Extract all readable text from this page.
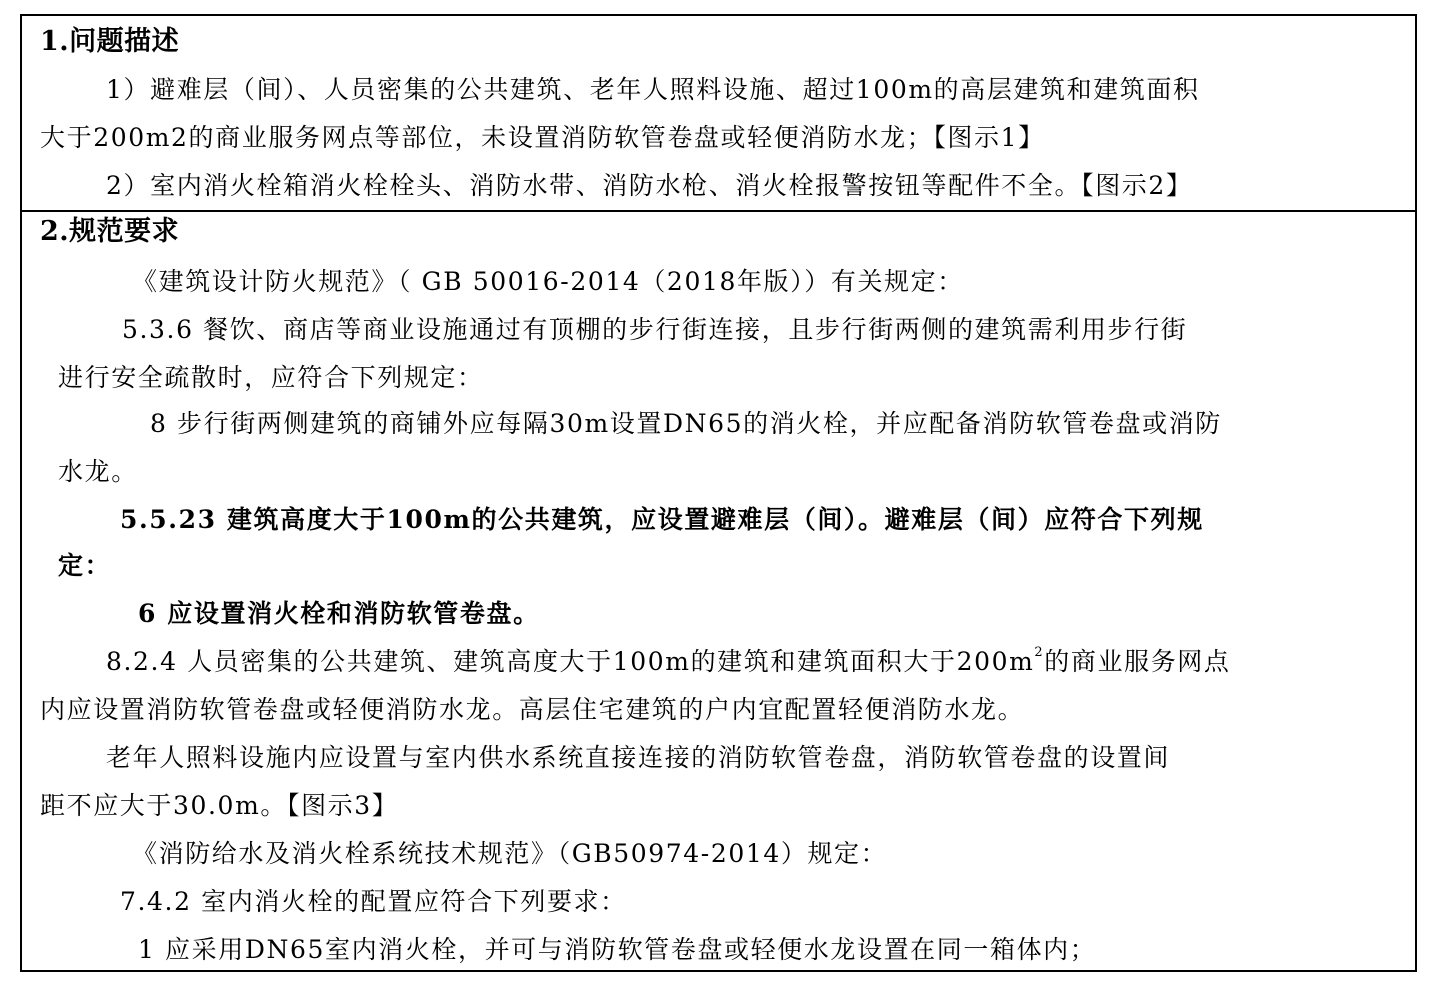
1.问题描述
1）避难层（间）、人员密集的公共建筑、老年人照料设施、超过100m的高层建筑和建筑面积
大于200m2的商业服务网点等部位，未设置消防软管卷盘或轻便消防水龙；【图示1】
2）室内消火栓箱消火栓栓头、消防水带、消防水枪、消火栓报警按钮等配件不全。【图示2】
2.规范要求
《建筑设计防火规范》（ GB 50016-2014（2018年版））有关规定：
5.3.6 餐饮、商店等商业设施通过有顶棚的步行街连接，且步行街两侧的建筑需利用步行街
进行安全疏散时，应符合下列规定：
8 步行街两侧建筑的商铺外应每隔30m设置DN65的消火栓，并应配备消防软管卷盘或消防
水龙。
5.5.23 建筑高度大于100m的公共建筑，应设置避难层（间）。避难层（间）应符合下列规
定：
6 应设置消火栓和消防软管卷盘。
8.2.4 人员密集的公共建筑、建筑高度大于100m的建筑和建筑面积大于$200m^2$的商业服务网点
内应设置消防软管卷盘或轻便消防水龙。高层住宅建筑的户内宜配置轻便消防水龙。
老年人照料设施内应设置与室内供水系统直接连接的消防软管卷盘，消防软管卷盘的设置间
距不应大于30.0m。【图示3】
《消防给水及消火栓系统技术规范》（GB50974-2014）规定：
7.4.2 室内消火栓的配置应符合下列要求：
1 应采用DN65室内消火栓，并可与消防软管卷盘或轻便水龙设置在同一箱体内；
